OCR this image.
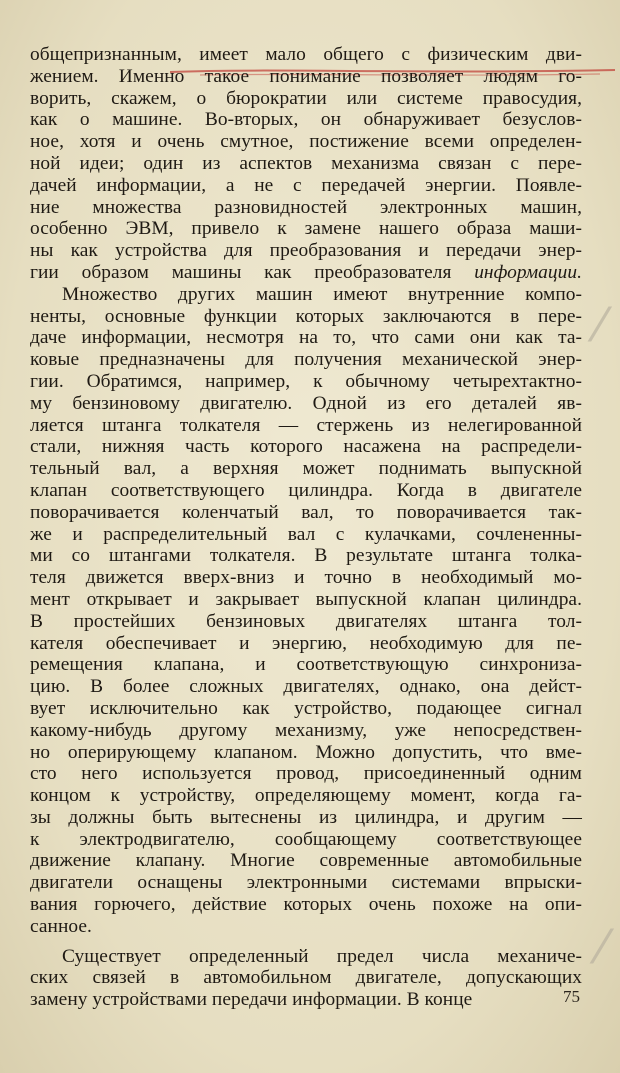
общепризнанным, имеет мало общего с физическим дви-
жением. Именно такое понимание позволяет людям го-
ворить, скажем, о бюрократии или системе правосудия,
как о машине. Во-вторых, он обнаруживает безуслов-
ное, хотя и очень смутное, постижение всеми определен-
ной идеи; один из аспектов механизма связан с пере-
дачей информации, а не с передачей энергии. Появле-
ние множества разновидностей электронных машин,
особенно ЭВМ, привело к замене нашего образа маши-
ны как устройства для преобразования и передачи энер-
гии образом машины как преобразователя информации.

Множество других машин имеют внутренние компо-
ненты, основные функции которых заключаются в пере-
даче информации, несмотря на то, что сами они как та-
ковые предназначены для получения механической энер-
гии. Обратимся, например, к обычному четырехтактно-
му бензиновому двигателю. Одной из его деталей яв-
ляется штанга толкателя — стержень из нелегированной
стали, нижняя часть которого насажена на распредели-
тельный вал, а верхняя может поднимать выпускной
клапан соответствующего цилиндра. Когда в двигателе
поворачивается коленчатый вал, то поворачивается так-
же и распределительный вал с кулачками, сочлененны-
ми со штангами толкателя. В результате штанга толка-
теля движется вверх-вниз и точно в необходимый мо-
мент открывает и закрывает выпускной клапан цилиндра.
В простейших бензиновых двигателях штанга тол-
кателя обеспечивает и энергию, необходимую для пе-
ремещения клапана, и соответствующую синхрониза-
цию. В более сложных двигателях, однако, она дейст-
вует исключительно как устройство, подающее сигнал
какому-нибудь другому механизму, уже непосредствен-
но оперирующему клапаном. Можно допустить, что вме-
сто него используется провод, присоединенный одним
концом к устройству, определяющему момент, когда га-
зы должны быть вытеснены из цилиндра, и другим —
к электродвигателю, сообщающему соответствующее
движение клапану. Многие современные автомобильные
двигатели оснащены электронными системами впрыски-
вания горючего, действие которых очень похоже на опи-
санное.

Существует определенный предел числа механиче-
ских связей в автомобильном двигателе, допускающих
замену устройствами передачи информации. В конце	75
⁄
⁄
